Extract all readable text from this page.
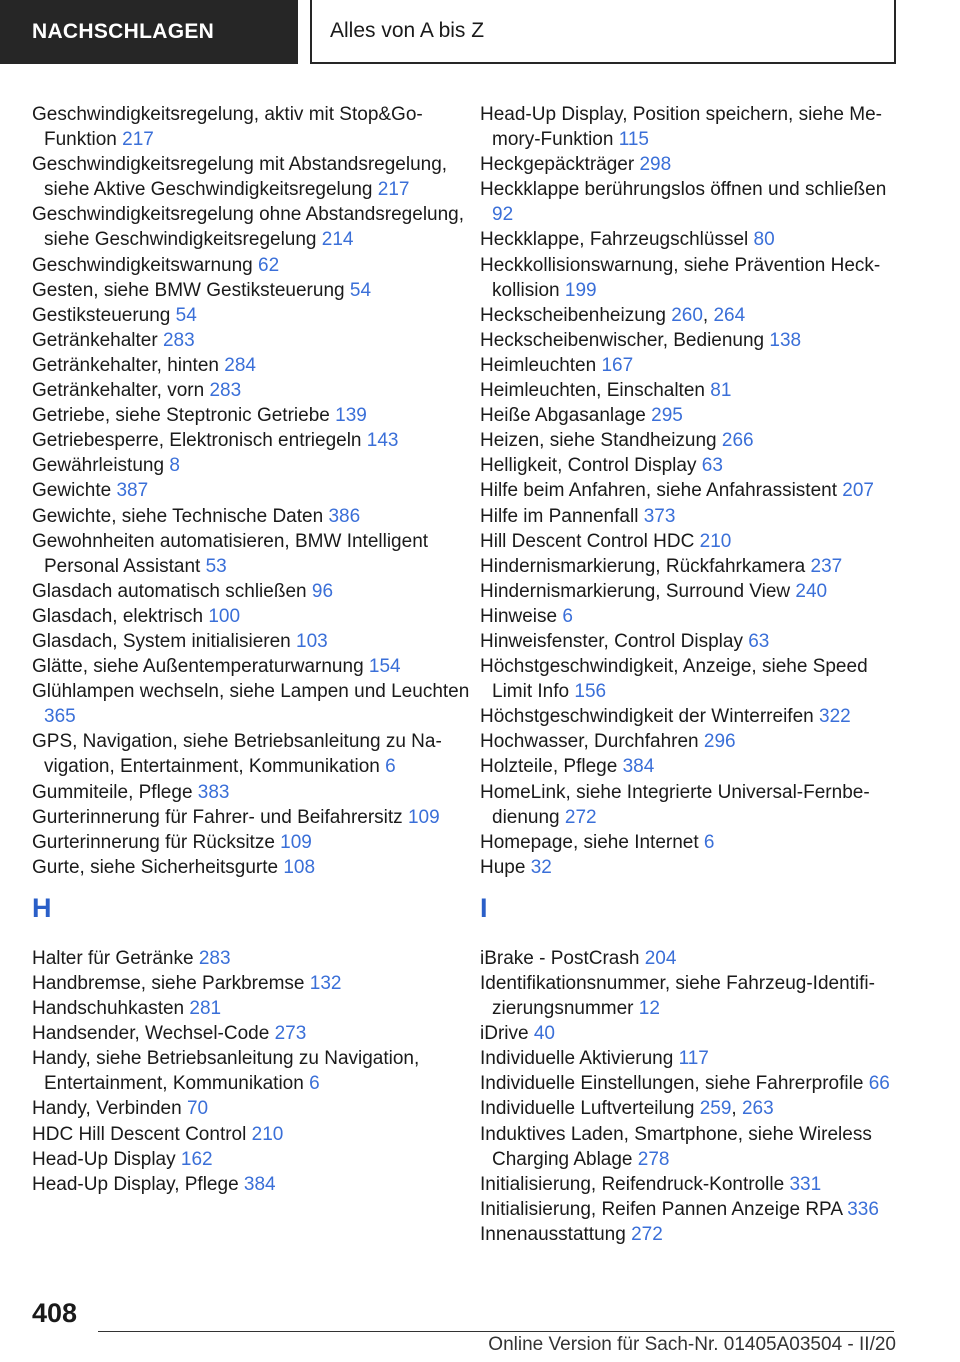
NACHSCHLAGEN	Alles von A bis Z

Geschwindigkeitsregelung, aktiv mit Stop&Go-Funktion 217

Geschwindigkeitsregelung mit Abstandsregelung, siehe Aktive Geschwindigkeitsregelung 217

Geschwindigkeitsregelung ohne Abstandsregelung, siehe Geschwindigkeitsregelung 214

Geschwindigkeitswarnung 62

Gesten, siehe BMW Gestiksteuerung 54

Gestiksteuerung 54

Getränkehalter 283

Getränkehalter, hinten 284

Getränkehalter, vorn 283

Getriebe, siehe Steptronic Getriebe 139

Getriebesperre, Elektronisch entriegeln 143

Gewährleistung 8

Gewichte 387

Gewichte, siehe Technische Daten 386

Gewohnheiten automatisieren, BMW Intelligent Personal Assistant 53

Glasdach automatisch schließen 96

Glasdach, elektrisch 100

Glasdach, System initialisieren 103

Glätte, siehe Außentemperaturwarnung 154

Glühlampen wechseln, siehe Lampen und Leuchten 365

GPS, Navigation, siehe Betriebsanleitung zu Navigation, Entertainment, Kommunikation 6

Gummiteile, Pflege 383

Gurterinnerung für Fahrer- und Beifahrersitz 109

Gurterinnerung für Rücksitze 109

Gurte, siehe Sicherheitsgurte 108

H

Halter für Getränke 283

Handbremse, siehe Parkbremse 132

Handschuhkasten 281

Handsender, Wechsel-Code 273

Handy, siehe Betriebsanleitung zu Navigation, Entertainment, Kommunikation 6

Handy, Verbinden 70

HDC Hill Descent Control 210

Head-Up Display 162

Head-Up Display, Pflege 384

Head-Up Display, Position speichern, siehe Memory-Funktion 115

Heckgepäckträger 298

Heckklappe berührungslos öffnen und schließen 92

Heckklappe, Fahrzeugschlüssel 80

Heckkollisionswarnung, siehe Prävention Heckkollision 199

Heckscheibenheizung 260, 264

Heckscheibenwischer, Bedienung 138

Heimleuchten 167

Heimleuchten, Einschalten 81

Heiße Abgasanlage 295

Heizen, siehe Standheizung 266

Helligkeit, Control Display 63

Hilfe beim Anfahren, siehe Anfahrassistent 207

Hilfe im Pannenfall 373

Hill Descent Control HDC 210

Hindernismarkierung, Rückfahrkamera 237

Hindernismarkierung, Surround View 240

Hinweise 6

Hinweisfenster, Control Display 63

Höchstgeschwindigkeit, Anzeige, siehe Speed Limit Info 156

Höchstgeschwindigkeit der Winterreifen 322

Hochwasser, Durchfahren 296

Holzteile, Pflege 384

HomeLink, siehe Integrierte Universal-Fernbedienung 272

Homepage, siehe Internet 6

Hupe 32

I

iBrake - PostCrash 204

Identifikationsnummer, siehe Fahrzeug-Identifizierungsnummer 12

iDrive 40

Individuelle Aktivierung 117

Individuelle Einstellungen, siehe Fahrerprofile 66

Individuelle Luftverteilung 259, 263

Induktives Laden, Smartphone, siehe Wireless Charging Ablage 278

Initialisierung, Reifendruck-Kontrolle 331

Initialisierung, Reifen Pannen Anzeige RPA 336

Innenausstattung 272

408
Online Version für Sach-Nr. 01405A03504 - II/20
